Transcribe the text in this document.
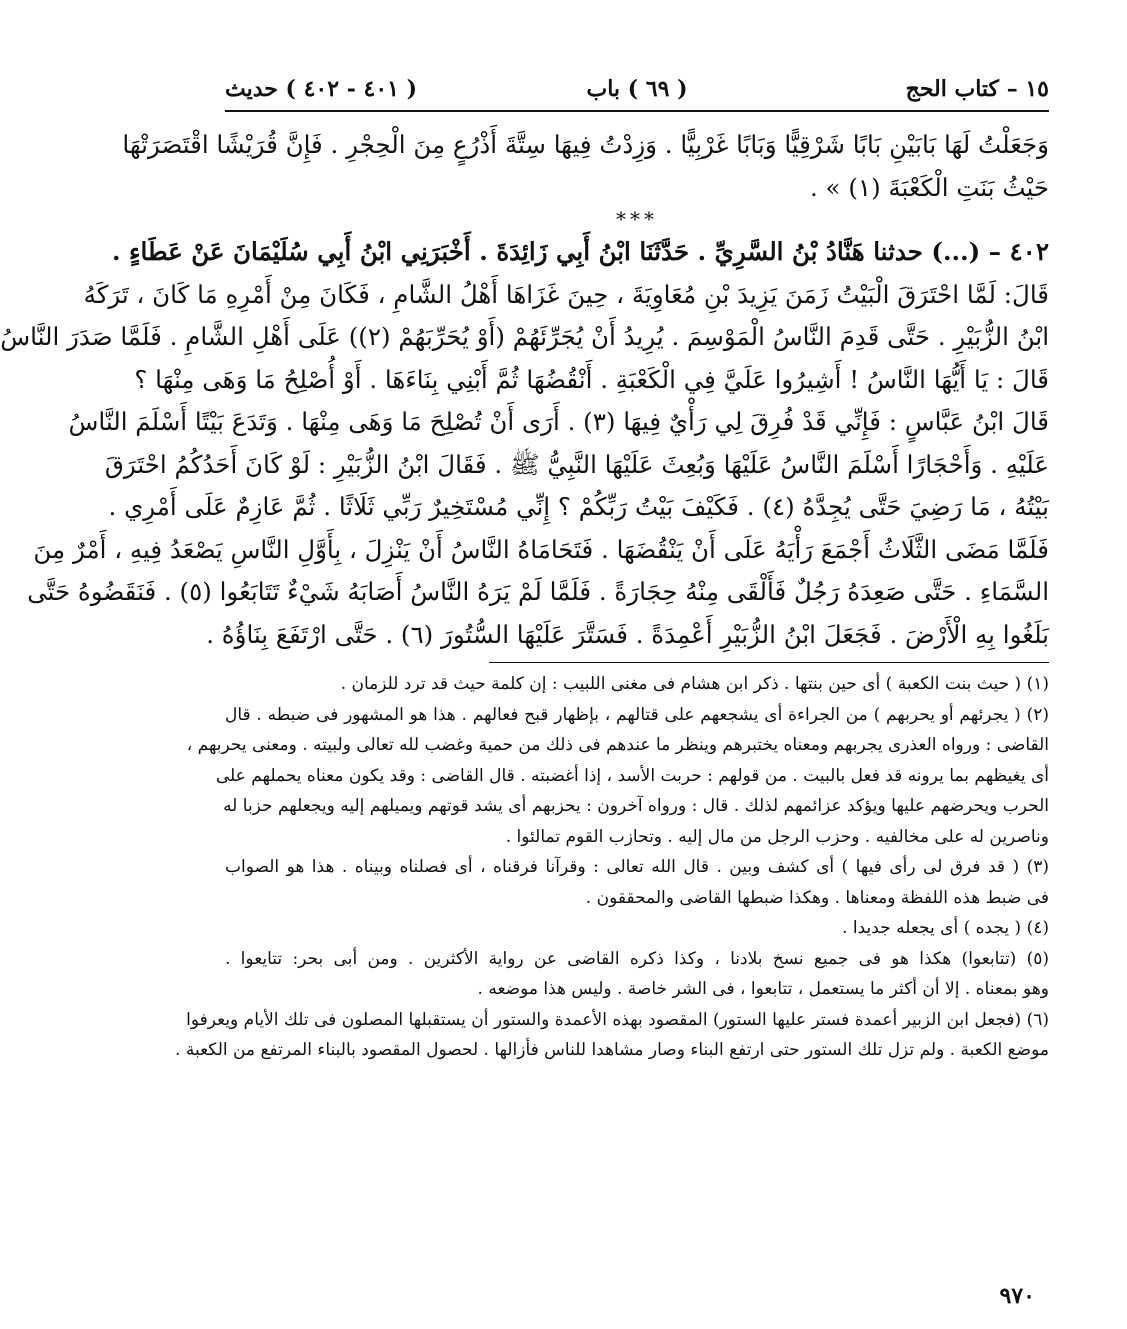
١٥ – كتاب الحج
( ٦٩ ) باب
( ٤٠١ - ٤٠٢ ) حديث
وَجَعَلْتُ لَهَا بَابَيْنِ بَابًا شَرْقِيًّا وَبَابًا غَرْبِيًّا . وَزِدْتُ فِيهَا سِتَّةَ أَذْرُعٍ مِنَ الْحِجْرِ . فَإِنَّ قُرَيْشًا اقْتَصَرَتْهَا
حَيْثُ بَنَتِ الْكَعْبَةَ (١) » .
***
٤٠٢ – (...) حدثنا هَنَّادُ بْنُ السَّرِيِّ . حَدَّثَنَا ابْنُ أَبِي زَائِدَةَ . أَخْبَرَنِي ابْنُ أَبِي سُلَيْمَانَ عَنْ عَطَاءٍ .
قَالَ: لَمَّا احْتَرَقَ الْبَيْتُ زَمَنَ يَزِيدَ بْنِ مُعَاوِيَةَ ، حِينَ غَزَاهَا أَهْلُ الشَّامِ ، فَكَانَ مِنْ أَمْرِهِ مَا كَانَ ، تَرَكَهُ
ابْنُ الزُّبَيْرِ . حَتَّى قَدِمَ النَّاسُ الْمَوْسِمَ . يُرِيدُ أَنْ يُجَرِّئَهُمْ (أَوْ يُحَرِّبَهُمْ (٢)) عَلَى أَهْلِ الشَّامِ . فَلَمَّا صَدَرَ النَّاسُ
قَالَ : يَا أَيُّهَا النَّاسُ ! أَشِيرُوا عَلَيَّ فِي الْكَعْبَةِ . أَنْقُضُهَا ثُمَّ أَبْنِي بِنَاءَهَا . أَوْ أُصْلِحُ مَا وَهَى مِنْهَا ؟
قَالَ ابْنُ عَبَّاسٍ : فَإِنِّي قَدْ فُرِقَ لِي رَأْيٌ فِيهَا (٣) . أَرَى أَنْ تُصْلِحَ مَا وَهَى مِنْهَا . وَتَدَعَ بَيْتًا أَسْلَمَ النَّاسُ
عَلَيْهِ . وَأَحْجَارًا أَسْلَمَ النَّاسُ عَلَيْهَا وَبُعِثَ عَلَيْهَا النَّبِيُّ ﷺ . فَقَالَ ابْنُ الزُّبَيْرِ : لَوْ كَانَ أَحَدُكُمُ احْتَرَقَ
بَيْتُهُ ، مَا رَضِيَ حَتَّى يُجِدَّهُ (٤) . فَكَيْفَ بَيْتُ رَبِّكُمْ ؟ إِنِّي مُسْتَخِيرٌ رَبِّي ثَلَاثًا . ثُمَّ عَازِمٌ عَلَى أَمْرِي .
فَلَمَّا مَضَى الثَّلَاثُ أَجْمَعَ رَأْيَهُ عَلَى أَنْ يَنْقُضَهَا . فَتَحَامَاهُ النَّاسُ أَنْ يَنْزِلَ ، بِأَوَّلِ النَّاسِ يَصْعَدُ فِيهِ ، أَمْرٌ مِنَ
السَّمَاءِ . حَتَّى صَعِدَهُ رَجُلٌ فَأَلْقَى مِنْهُ حِجَارَةً . فَلَمَّا لَمْ يَرَهُ النَّاسُ أَصَابَهُ شَيْءٌ تَتَابَعُوا (٥) . فَنَقَضُوهُ حَتَّى
بَلَغُوا بِهِ الْأَرْضَ . فَجَعَلَ ابْنُ الزُّبَيْرِ أَعْمِدَةً . فَسَتَّرَ عَلَيْهَا السُّتُورَ (٦) . حَتَّى ارْتَفَعَ بِنَاؤُهُ .
(١) ( حيث بنت الكعبة ) أى حين بنتها . ذكر ابن هشام فى مغنى اللبيب : إن كلمة حيث قد ترد للزمان .
(٢) ( يجرئهم أو يحربهم ) من الجراءة أى يشجعهم على قتالهم ، بإظهار قبح فعالهم . هذا هو المشهور فى ضبطه . قال
القاضى : ورواه العذرى يجربهم ومعناه يختبرهم وينظر ما عندهم فى ذلك من حمية وغضب لله تعالى ولبيته . ومعنى يحربهم ،
أى يغيظهم بما يرونه قد فعل بالبيت . من قولهم : حربت الأسد ، إذا أغضبته . قال القاضى : وقد يكون معناه يحملهم على
الحرب ويحرضهم عليها ويؤكد عزائمهم لذلك . قال : ورواه آخرون : يحزبهم أى يشد قوتهم ويميلهم إليه ويجعلهم حزبا له
وناصرين له على مخالفيه . وحزب الرجل من مال إليه . وتحازب القوم تمالئوا .
(٣) ( قد فرق لى رأى فيها ) أى كشف وبين . قال الله تعالى : وقرآنا فرقناه ، أى فصلناه وبيناه . هذا هو الصواب
فى ضبط هذه اللفظة ومعناها . وهكذا ضبطها القاضى والمحققون .
(٤) ( يجده ) أى يجعله جديدا .
(٥) (تتابعوا) هكذا هو فى جميع نسخ بلادنا ، وكذا ذكره القاضى عن رواية الأكثرين . ومن أبى بحر: تتايعوا .
وهو بمعناه . إلا أن أكثر ما يستعمل ، تتابعوا ، فى الشر خاصة . وليس هذا موضعه .
(٦) (فجعل ابن الزبير أعمدة فستر عليها الستور) المقصود بهذه الأعمدة والستور أن يستقبلها المصلون فى تلك الأيام ويعرفوا
موضع الكعبة . ولم تزل تلك الستور حتى ارتفع البناء وصار مشاهدا للناس فأزالها . لحصول المقصود بالبناء المرتفع من الكعبة .
٩٧٠
